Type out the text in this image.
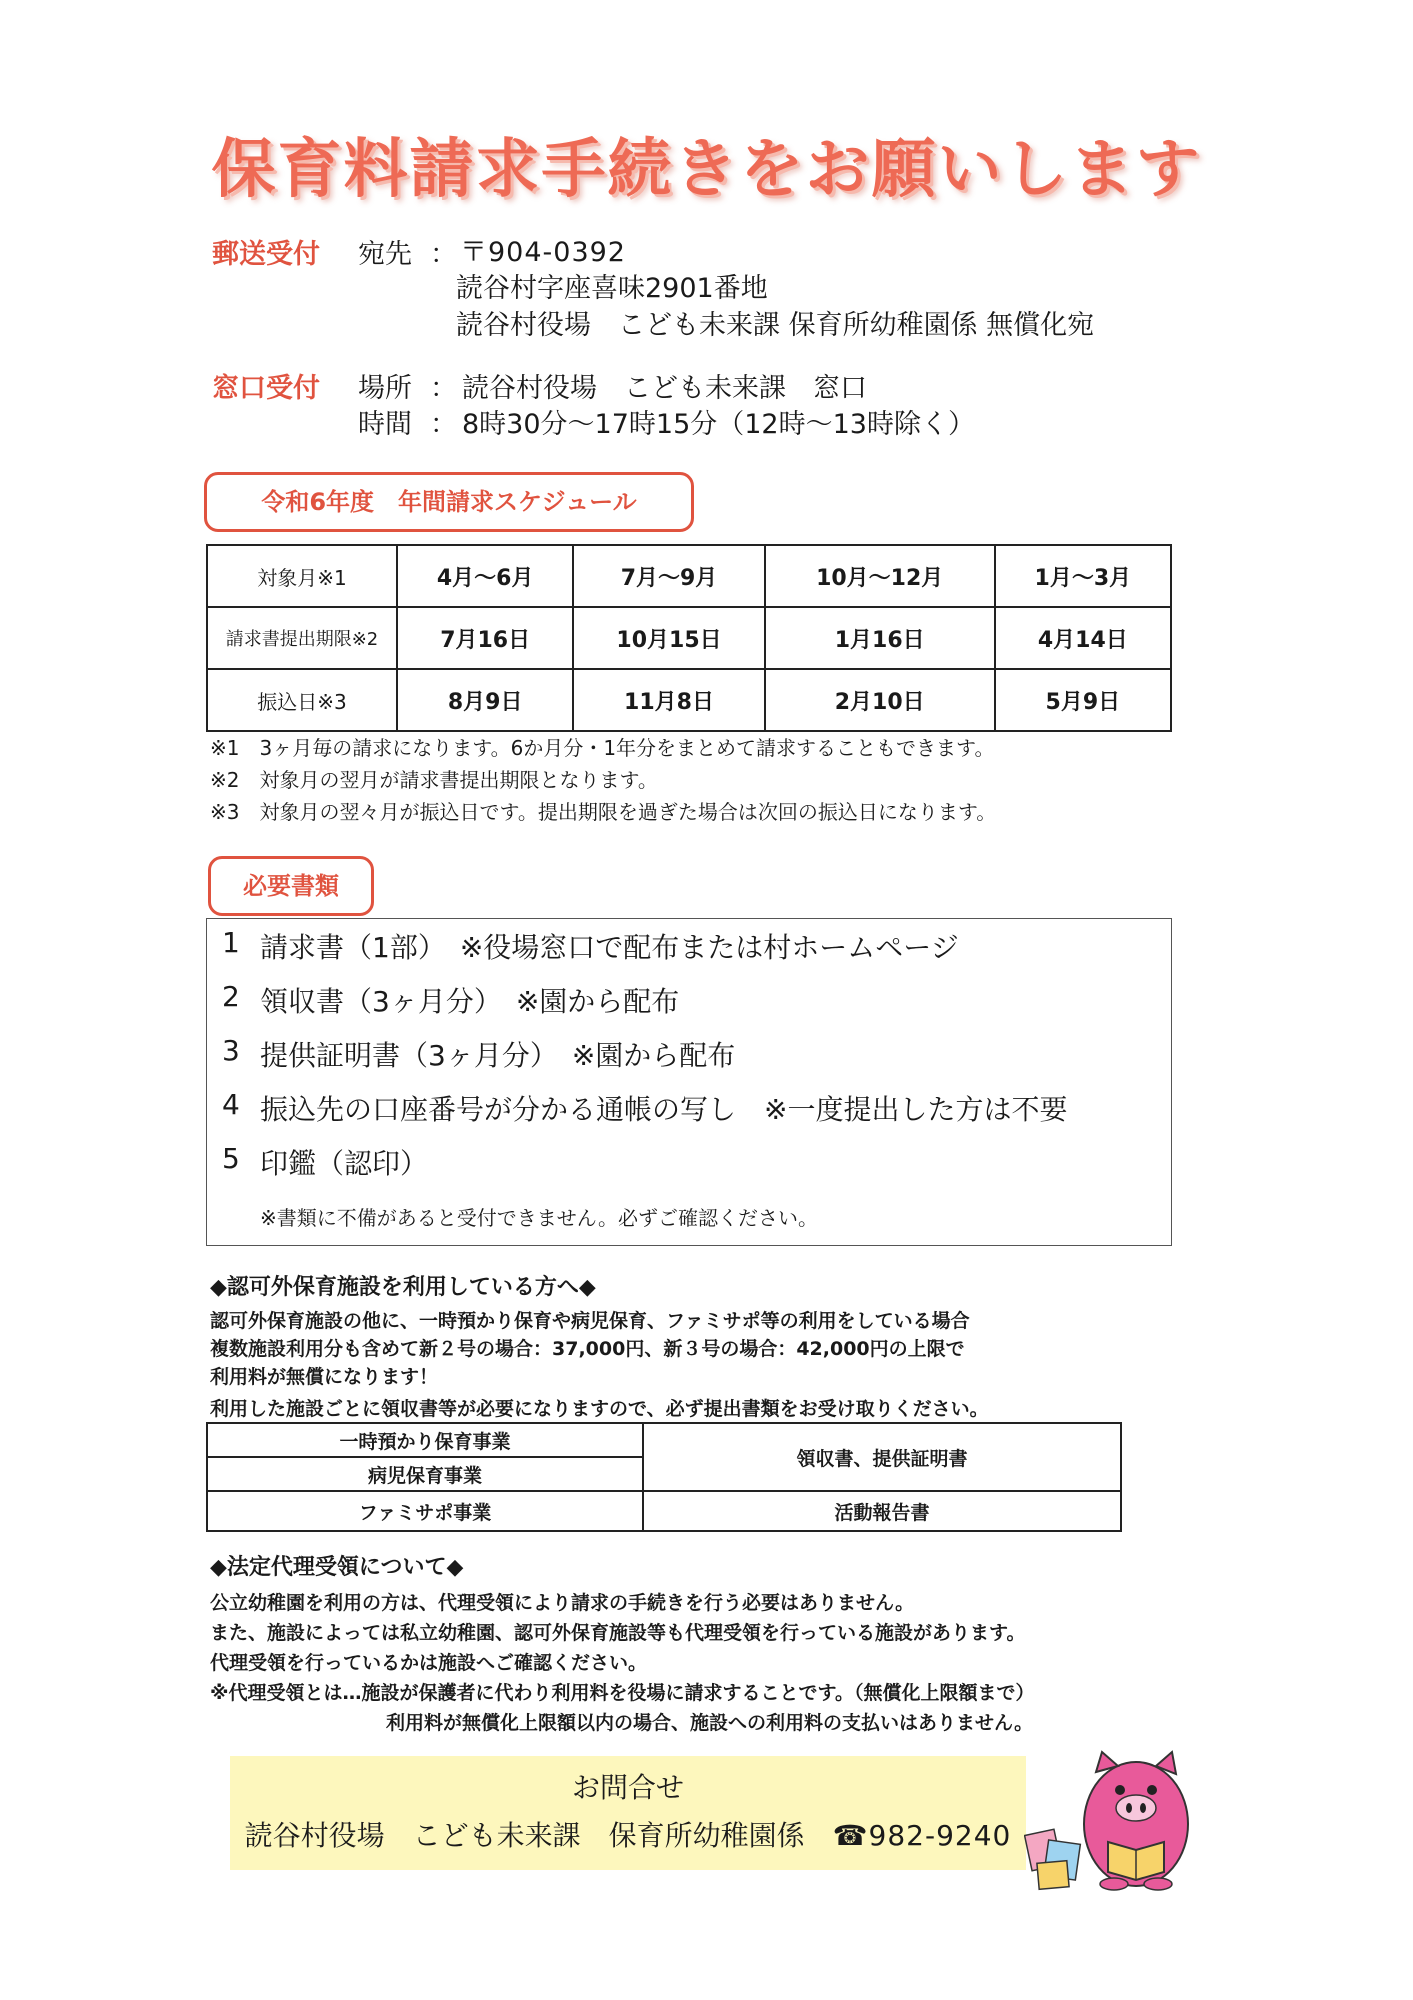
保育料請求手続きをお願いします
郵送受付 宛先 ： 〒904-0392
読谷村字座喜味2901番地
読谷村役場　こども未来課 保育所幼稚園係 無償化宛
窓口受付 場所 ： 読谷村役場　こども未来課　窓口
時間 ： 8時30分～17時15分（12時～13時除く）
令和6年度　年間請求スケジュール
対象月※1	4月～6月	7月～9月	10月～12月	1月～3月
請求書提出期限※2	7月16日	10月15日	1月16日	4月14日
振込日※3	8月9日	11月8日	2月10日	5月9日
※1　3ヶ月毎の請求になります。6か月分・1年分をまとめて請求することもできます。
※2　対象月の翌月が請求書提出期限となります。
※3　対象月の翌々月が振込日です。提出期限を過ぎた場合は次回の振込日になります。
必要書類
1 請求書（1部）　※役場窓口で配布または村ホームページ
2 領収書（3ヶ月分）　※園から配布
3 提供証明書（3ヶ月分）　※園から配布
4 振込先の口座番号が分かる通帳の写し　※一度提出した方は不要
5 印鑑（認印）
※書類に不備があると受付できません。必ずご確認ください。
◆認可外保育施設を利用している方へ◆
認可外保育施設の他に、一時預かり保育や病児保育、ファミサポ等の利用をしている場合
複数施設利用分も含めて新２号の場合：37,000円、新３号の場合：42,000円の上限で
利用料が無償になります！
利用した施設ごとに領収書等が必要になりますので、必ず提出書類をお受け取りください。
一時預かり保育事業	領収書、提供証明書
病児保育事業	
ファミサポ事業	活動報告書
◆法定代理受領について◆
公立幼稚園を利用の方は、代理受領により請求の手続きを行う必要はありません。
また、施設によっては私立幼稚園、認可外保育施設等も代理受領を行っている施設があります。
代理受領を行っているかは施設へご確認ください。
※代理受領とは…施設が保護者に代わり利用料を役場に請求することです。（無償化上限額まで）
利用料が無償化上限額以内の場合、施設への利用料の支払いはありません。
お問合せ
読谷村役場　こども未来課　保育所幼稚園係　 ☎982-9240
